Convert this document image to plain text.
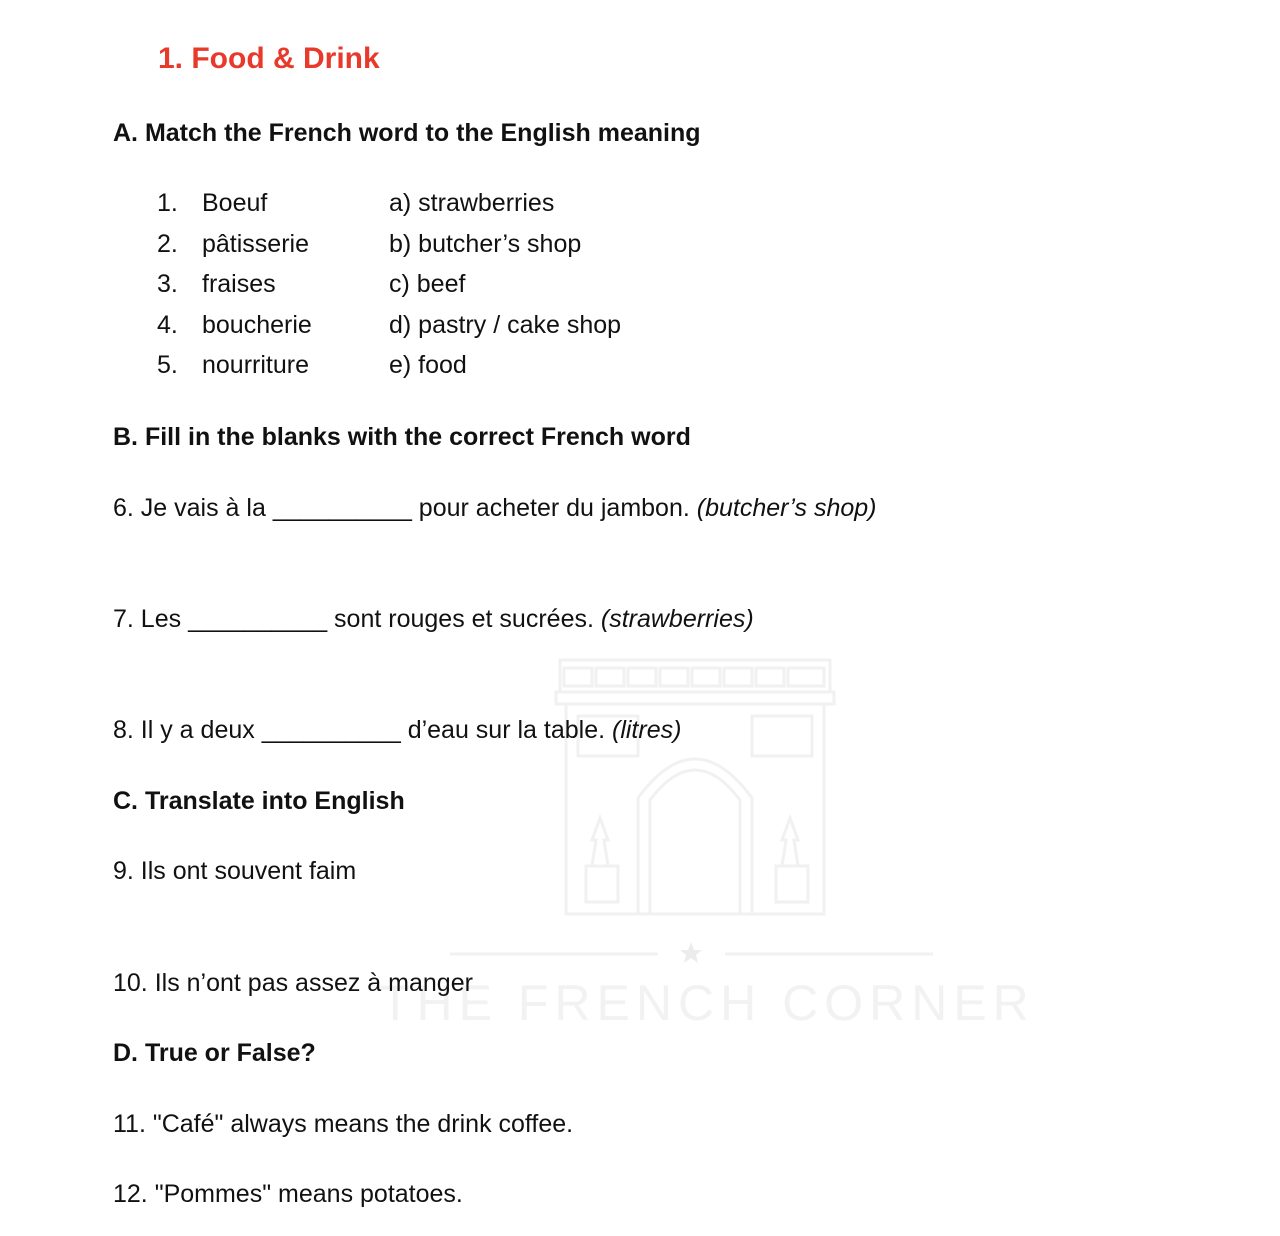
THE FRENCH CORNER
1. Food & Drink
A. Match the French word to the English meaning
1. Boeuf	a) strawberries
2. pâtisserie	b) butcher’s shop
3. fraises	c) beef
4. boucherie	d) pastry / cake shop
5. nourriture	e) food
B. Fill in the blanks with the correct French word
6. Je vais à la __________ pour acheter du jambon. (butcher’s shop)
7. Les __________ sont rouges et sucrées. (strawberries)
8. Il y a deux __________ d’eau sur la table. (litres)
C. Translate into English
9. Ils ont souvent faim
10. Ils n’ont pas assez à manger
D. True or False?
11. "Café" always means the drink coffee.
12. "Pommes" means potatoes.
